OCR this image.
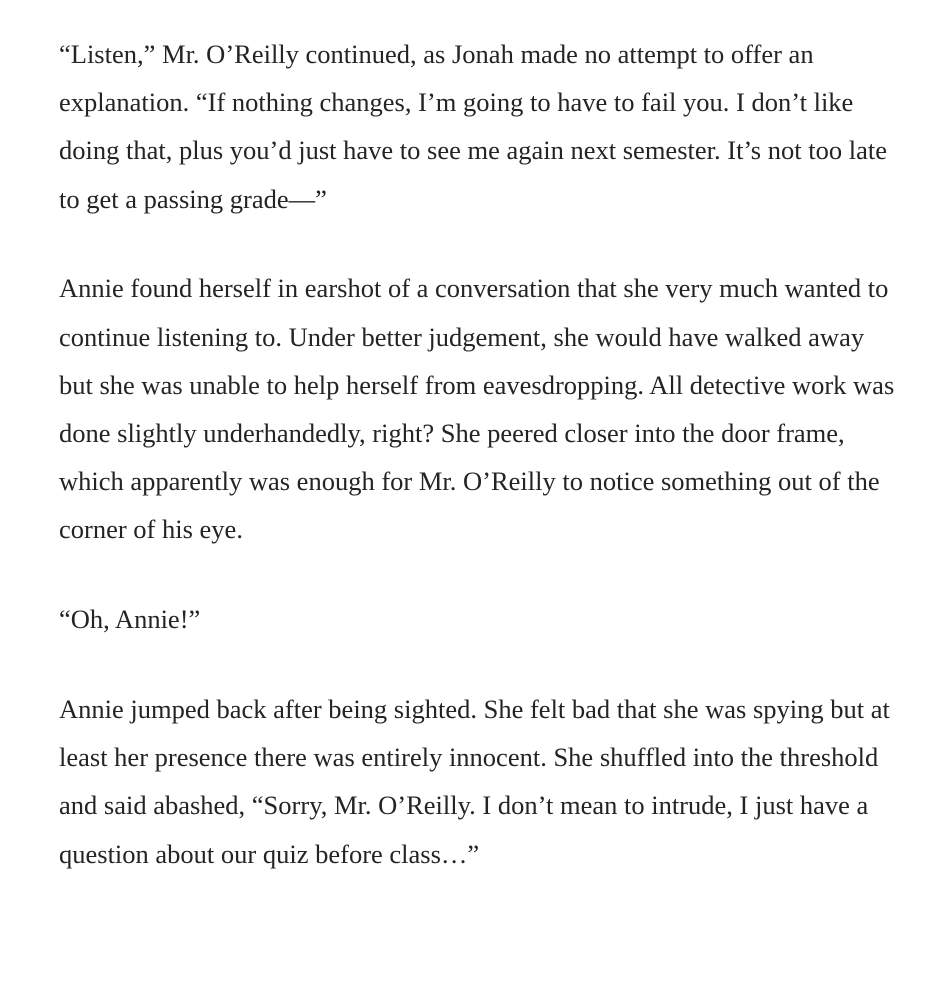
“Listen,” Mr. O’Reilly continued, as Jonah made no attempt to offer an explanation. “If nothing changes, I’m going to have to fail you. I don’t like doing that, plus you’d just have to see me again next semester. It’s not too late to get a passing grade—”

Annie found herself in earshot of a conversation that she very much wanted to continue listening to. Under better judgement, she would have walked away but she was unable to help herself from eavesdropping. All detective work was done slightly underhandedly, right? She peered closer into the door frame, which apparently was enough for Mr. O’Reilly to notice something out of the corner of his eye.

“Oh, Annie!”

Annie jumped back after being sighted. She felt bad that she was spying but at least her presence there was entirely innocent. She shuffled into the threshold and said abashed, “Sorry, Mr. O’Reilly. I don’t mean to intrude, I just have a question about our quiz before class…”
